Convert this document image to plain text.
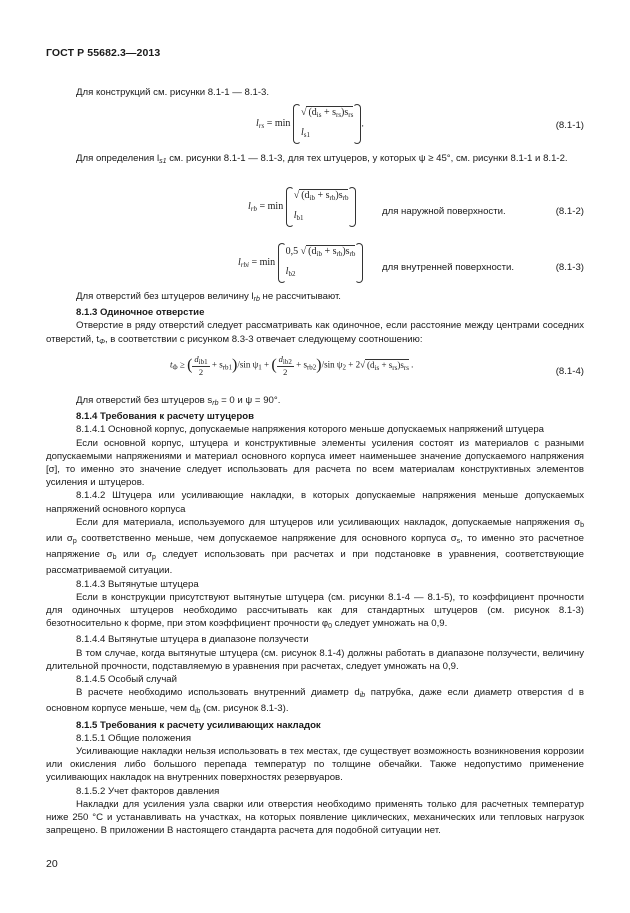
ГОСТ Р 55682.3—2013

Для конструкций см. рисунки 8.1-1 — 8.1-3.

$l_{rs} = \min$
√ $(d_{is} + s_{rs})s_{rs}$
$l_{s1}$
.	(8.1-1)

Для определения $l_{s1}$ см. рисунки 8.1-1 — 8.1-3, для тех штуцеров, у которых ψ ≥ 45°, см. рисунки 8.1-1 и 8.1-2.

$l_{rb} = \min$
√ $(d_{ib} + s_{rb})s_{rb}$
$l_{b1}$
для наружной поверхности.	(8.1-2)
$l_{rbi} = \min$
0,5 √ $(d_{ib} + s_{rb})s_{rb}$
$l_{b2}$
для внутренней поверхности.	(8.1-3)

Для отверстий без штуцеров величину $l_{rb}$ не рассчитывают.

8.1.3 Одиночное отверстие

Отверстие в ряду отверстий следует рассматривать как одиночное, если расстояние между центрами соседних отверстий, $t_\Phi$, в соответствии с рисунком 8.3-3 отвечает следующему соотношению:

$t_\Phi$ ≥ ( $\frac{d_{ib1}}{2} + s_{rb1})/\sin$ $\psi_1$ + ( $\frac{d_{ib2}}{2} + s_{rb2})/\sin$ $\psi_2 + 2√$ $(d_{is} + s_{rs})s_{rs}$ .
(8.1-4)

Для отверстий без штуцеров $s_{rb} = 0$ и ψ = 90°.

8.1.4 Требования к расчету штуцеров

8.1.4.1 Основной корпус, допускаемые напряжения которого меньше допускаемых напряжений штуцера

Если основной корпус, штуцера и конструктивные элементы усиления состоят из материалов с разными допускаемыми напряжениями и материал основного корпуса имеет наименьшее значение допускаемого напряжения [σ], то именно это значение следует использовать для расчета по всем материалам конструктивных элементов усиления и штуцеров.

8.1.4.2 Штуцера или усиливающие накладки, в которых допускаемые напряжения меньше допускаемых напряжений основного корпуса

Если для материала, используемого для штуцеров или усиливающих накладок, допускаемые напряжения $\sigma_b$ или $\sigma_p$ соответственно меньше, чем допускаемое напряжение для основного корпуса $\sigma_s$, то именно это расчетное напряжение $\sigma_b$ или $\sigma_p$ следует использовать при расчетах и при подстановке в уравнения, соответствующие рассматриваемой ситуации.

8.1.4.3 Вытянутые штуцера

Если в конструкции присутствуют вытянутые штуцера (см. рисунки 8.1-4 — 8.1-5), то коэффициент прочности для одиночных штуцеров необходимо рассчитывать как для стандартных штуцеров (см. рисунок 8.1-3) безотносительно к форме, при этом коэффициент прочности $\varphi_0$ следует умножать на 0,9.

8.1.4.4 Вытянутые штуцера в диапазоне ползучести

В том случае, когда вытянутые штуцера (см. рисунок 8.1-4) должны работать в диапазоне ползучести, величину длительной прочности, подставляемую в уравнения при расчетах, следует умножать на 0,9.

8.1.4.5 Особый случай

В расчете необходимо использовать внутренний диаметр $d_{ib}$ патрубка, даже если диаметр отверстия d в основном корпусе меньше, чем $d_{ib}$ (см. рисунок 8.1-3).

8.1.5 Требования к расчету усиливающих накладок

8.1.5.1 Общие положения

Усиливающие накладки нельзя использовать в тех местах, где существует возможность возникновения коррозии или окисления либо большого перепада температур по толщине обечайки. Также недопустимо применение усиливающих накладок на внутренних поверхностях резервуаров.

8.1.5.2 Учет факторов давления

Накладки для усиления узла сварки или отверстия необходимо применять только для расчетных температур ниже 250 °С и устанавливать на участках, на которых появление циклических, механических или тепловых нагрузок запрещено. В приложении В настоящего стандарта расчета для подобной ситуации нет.

20
